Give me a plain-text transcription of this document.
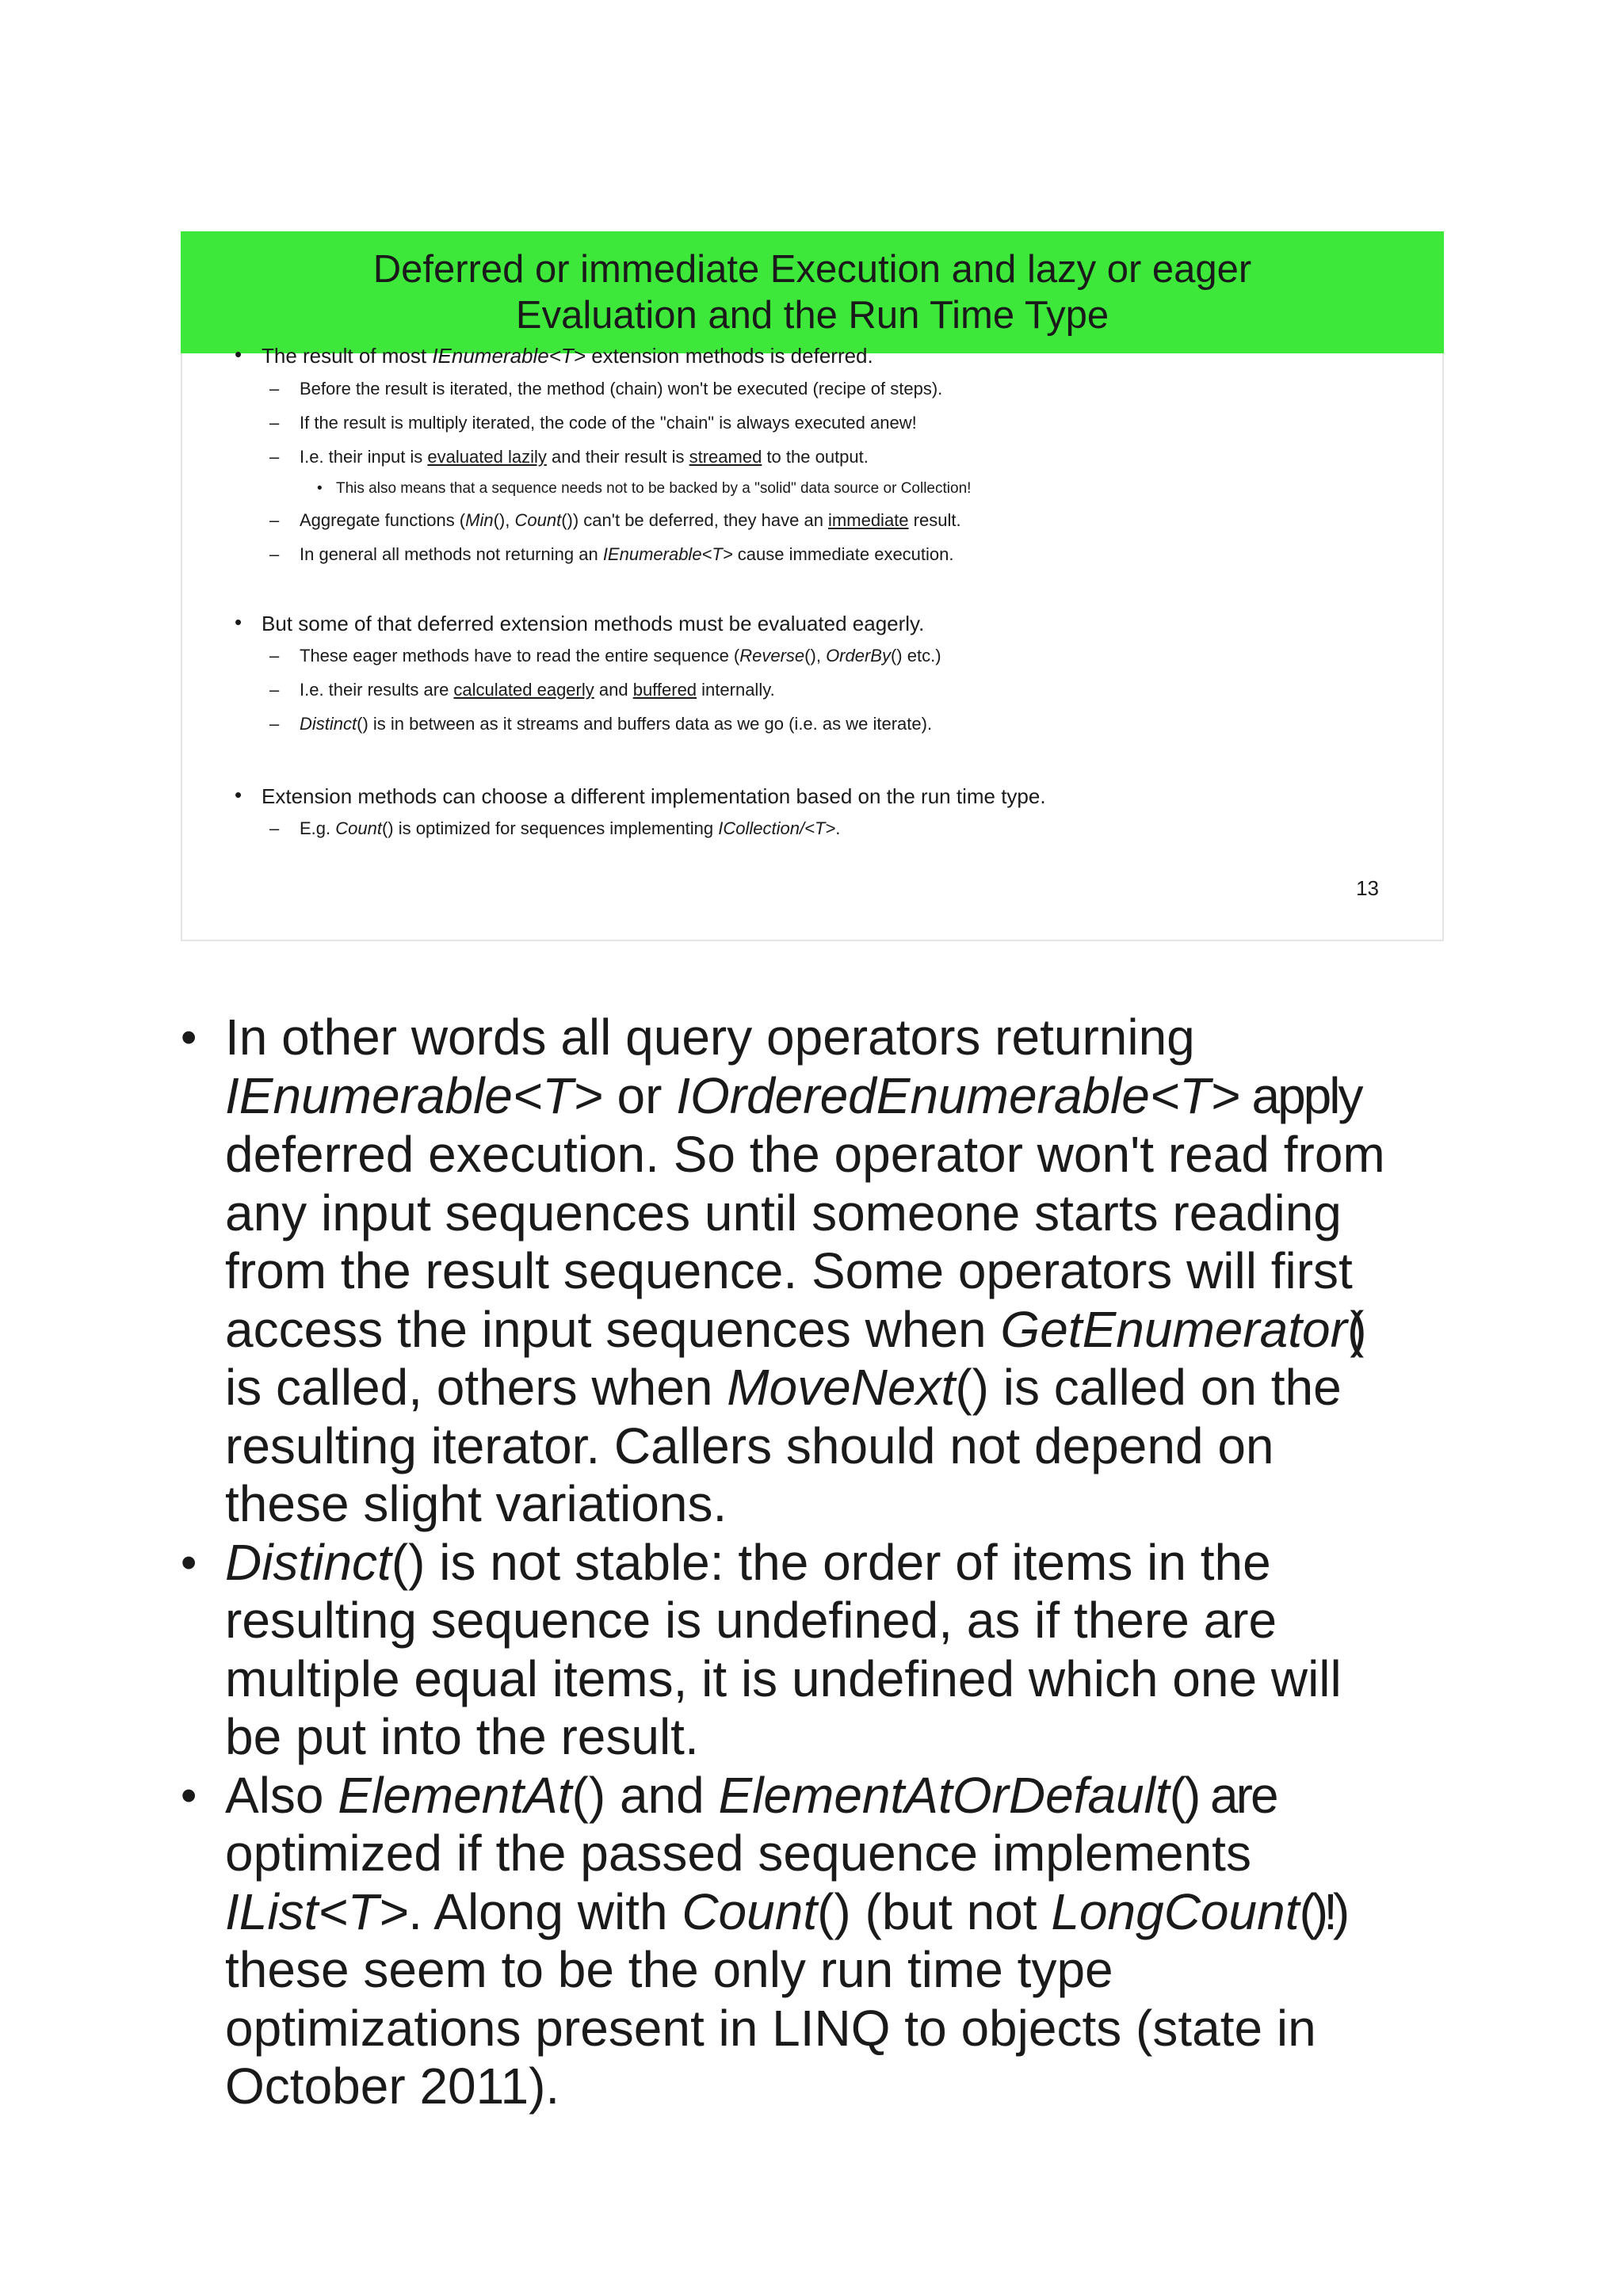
Deferred or immediate Execution and lazy or eager
Evaluation and the Run Time Type
• The result of most IEnumerable<T> extension methods is deferred.
– Before the result is iterated, the method (chain) won't be executed (recipe of steps).
– If the result is multiply iterated, the code of the "chain" is always executed anew!
– I.e. their input is evaluated lazily and their result is streamed to the output.
• This also means that a sequence needs not to be backed by a "solid" data source or Collection!
– Aggregate functions (Min(), Count()) can't be deferred, they have an immediate result.
– In general all methods not returning an IEnumerable<T> cause immediate execution.
• But some of that deferred extension methods must be evaluated eagerly.
– These eager methods have to read the entire sequence (Reverse(), OrderBy() etc.)
– I.e. their results are calculated eagerly and buffered internally.
– Distinct() is in between as it streams and buffers data as we go (i.e. as we iterate).
• Extension methods can choose a different implementation based on the run time type.
– E.g. Count() is optimized for sequences implementing ICollection/<T>.
13
• In other words all query operators returning
IEnumerable<T> or IOrderedEnumerable<T> apply
deferred execution. So the operator won't read from
any input sequences until someone starts reading
from the result sequence. Some operators will first
access the input sequences when GetEnumerator()
is called, others when MoveNext() is called on the
resulting iterator. Callers should not depend on
these slight variations.
• Distinct() is not stable: the order of items in the
resulting sequence is undefined, as if there are
multiple equal items, it is undefined which one will
be put into the result.
• Also ElementAt() and ElementAtOrDefault() are
optimized if the passed sequence implements
IList<T>. Along with Count() (but not LongCount()!)
these seem to be the only run time type
optimizations present in LINQ to objects (state in
October 2011).
